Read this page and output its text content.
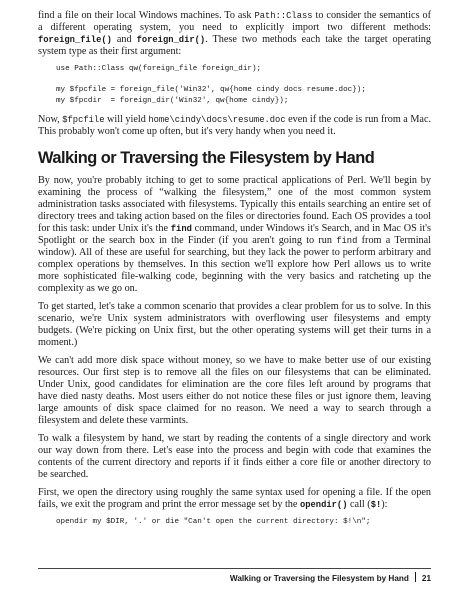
find a file on their local Windows machines. To ask Path::Class to consider the semantics of a different operating system, you need to explicitly import two different methods: foreign_file() and foreign_dir(). These two methods each take the target operating system type as their first argument:

use Path::Class qw(foreign_file foreign_dir);

my $fpcfile = foreign_file('Win32', qw{home cindy docs resume.doc});
my $fpcdir  = foreign_dir('Win32', qw{home cindy});

Now, $fpcfile will yield home\cindy\docs\resume.doc even if the code is run from a Mac. This probably won't come up often, but it's very handy when you need it.

Walking or Traversing the Filesystem by Hand

By now, you're probably itching to get to some practical applications of Perl. We'll begin by examining the process of “walking the filesystem,” one of the most common system administration tasks associated with filesystems. Typically this entails searching an entire set of directory trees and taking action based on the files or directories found. Each OS provides a tool for this task: under Unix it's the find command, under Windows it's Search, and in Mac OS it's Spotlight or the search box in the Finder (if you aren't going to run find from a Terminal window). All of these are useful for searching, but they lack the power to perform arbitrary and complex operations by themselves. In this section we'll explore how Perl allows us to write more sophisticated file-walking code, beginning with the very basics and ratcheting up the complexity as we go on.

To get started, let's take a common scenario that provides a clear problem for us to solve. In this scenario, we're Unix system administrators with overflowing user filesystems and empty budgets. (We're picking on Unix first, but the other operating systems will get their turns in a moment.)

We can't add more disk space without money, so we have to make better use of our existing resources. Our first step is to remove all the files on our filesystems that can be eliminated. Under Unix, good candidates for elimination are the core files left around by programs that have died nasty deaths. Most users either do not notice these files or just ignore them, leaving large amounts of disk space claimed for no reason. We need a way to search through a filesystem and delete these varmints.

To walk a filesystem by hand, we start by reading the contents of a single directory and work our way down from there. Let's ease into the process and begin with code that examines the contents of the current directory and reports if it finds either a core file or another directory to be searched.

First, we open the directory using roughly the same syntax used for opening a file. If the open fails, we exit the program and print the error message set by the opendir() call ($!):

opendir my $DIR, '.' or die "Can't open the current directory: $!\n";
Walking or Traversing the Filesystem by Hand 21
